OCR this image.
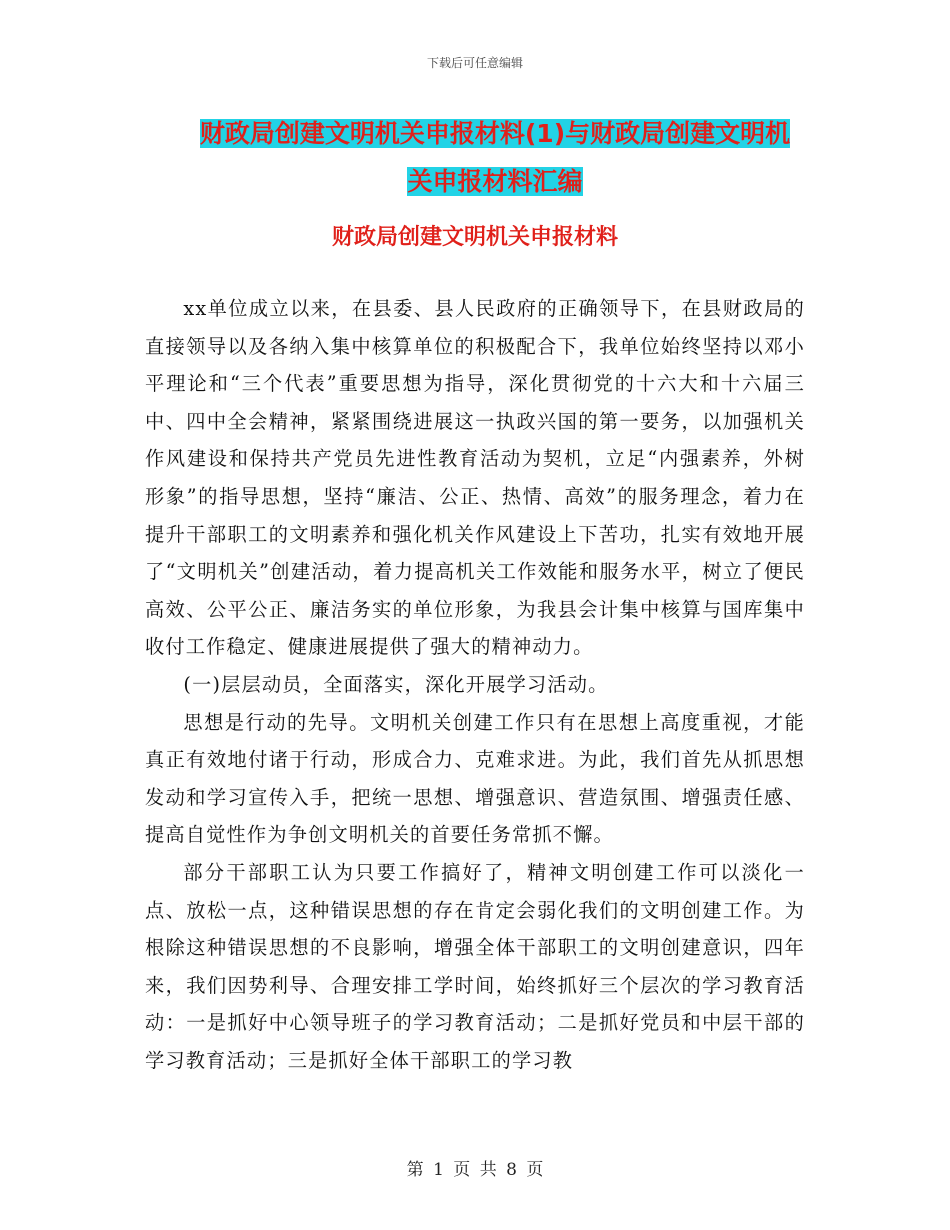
下载后可任意编辑
财政局创建文明机关申报材料(1)与财政局创建文明机
关申报材料汇编
财政局创建文明机关申报材料

xx单位成立以来，在县委、县人民政府的正确领导下，在县财政局的直接领导以及各纳入集中核算单位的积极配合下，我单位始终坚持以邓小平理论和“三个代表”重要思想为指导，深化贯彻党的十六大和十六届三中、四中全会精神，紧紧围绕进展这一执政兴国的第一要务，以加强机关作风建设和保持共产党员先进性教育活动为契机，立足“内强素养，外树形象”的指导思想，坚持“廉洁、公正、热情、高效”的服务理念，着力在提升干部职工的文明素养和强化机关作风建设上下苦功，扎实有效地开展了“文明机关”创建活动，着力提高机关工作效能和服务水平，树立了便民高效、公平公正、廉洁务实的单位形象，为我县会计集中核算与国库集中收付工作稳定、健康进展提供了强大的精神动力。

(一)层层动员，全面落实，深化开展学习活动。

思想是行动的先导。文明机关创建工作只有在思想上高度重视，才能真正有效地付诸于行动，形成合力、克难求进。为此，我们首先从抓思想发动和学习宣传入手，把统一思想、增强意识、营造氛围、增强责任感、提高自觉性作为争创文明机关的首要任务常抓不懈。

部分干部职工认为只要工作搞好了，精神文明创建工作可以淡化一点、放松一点，这种错误思想的存在肯定会弱化我们的文明创建工作。为根除这种错误思想的不良影响，增强全体干部职工的文明创建意识，四年来，我们因势利导、合理安排工学时间，始终抓好三个层次的学习教育活动：一是抓好中心领导班子的学习教育活动；二是抓好党员和中层干部的学习教育活动；三是抓好全体干部职工的学习教

第 1 页 共 8 页
